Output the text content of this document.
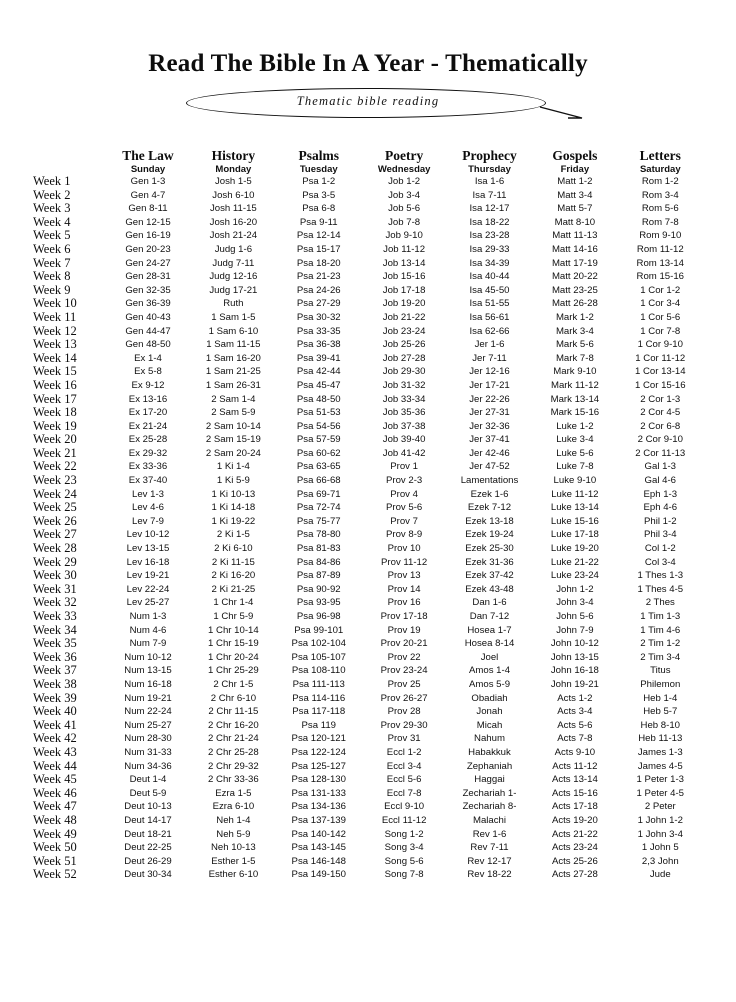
Read The Bible In A Year - Thematically
Thematic bible reading
	The Law	History	Psalms	Poetry	Prophecy	Gospels	Letters
	Sunday	Monday	Tuesday	Wednesday	Thursday	Friday	Saturday
Week 1	Gen 1-3	Josh 1-5	Psa 1-2	Job 1-2	Isa 1-6	Matt 1-2	Rom 1-2
Week 2	Gen 4-7	Josh 6-10	Psa 3-5	Job 3-4	Isa 7-11	Matt 3-4	Rom 3-4
Week 3	Gen 8-11	Josh 11-15	Psa 6-8	Job 5-6	Isa 12-17	Matt 5-7	Rom 5-6
Week 4	Gen 12-15	Josh 16-20	Psa 9-11	Job 7-8	Isa 18-22	Matt 8-10	Rom 7-8
Week 5	Gen 16-19	Josh 21-24	Psa 12-14	Job 9-10	Isa 23-28	Matt 11-13	Rom 9-10
Week 6	Gen 20-23	Judg 1-6	Psa 15-17	Job 11-12	Isa 29-33	Matt 14-16	Rom 11-12
Week 7	Gen 24-27	Judg 7-11	Psa 18-20	Job 13-14	Isa 34-39	Matt 17-19	Rom 13-14
Week 8	Gen 28-31	Judg 12-16	Psa 21-23	Job 15-16	Isa 40-44	Matt 20-22	Rom 15-16
Week 9	Gen 32-35	Judg 17-21	Psa 24-26	Job 17-18	Isa 45-50	Matt 23-25	1 Cor 1-2
Week 10	Gen 36-39	Ruth	Psa 27-29	Job 19-20	Isa 51-55	Matt 26-28	1 Cor 3-4
Week 11	Gen 40-43	1 Sam 1-5	Psa 30-32	Job 21-22	Isa 56-61	Mark 1-2	1 Cor 5-6
Week 12	Gen 44-47	1 Sam 6-10	Psa 33-35	Job 23-24	Isa 62-66	Mark 3-4	1 Cor 7-8
Week 13	Gen 48-50	1 Sam 11-15	Psa 36-38	Job 25-26	Jer 1-6	Mark 5-6	1 Cor 9-10
Week 14	Ex 1-4	1 Sam 16-20	Psa 39-41	Job 27-28	Jer 7-11	Mark 7-8	1 Cor 11-12
Week 15	Ex 5-8	1 Sam 21-25	Psa 42-44	Job 29-30	Jer 12-16	Mark 9-10	1 Cor 13-14
Week 16	Ex 9-12	1 Sam 26-31	Psa 45-47	Job 31-32	Jer 17-21	Mark 11-12	1 Cor 15-16
Week 17	Ex 13-16	2 Sam 1-4	Psa 48-50	Job 33-34	Jer 22-26	Mark 13-14	2 Cor 1-3
Week 18	Ex 17-20	2 Sam 5-9	Psa 51-53	Job 35-36	Jer 27-31	Mark 15-16	2 Cor 4-5
Week 19	Ex 21-24	2 Sam 10-14	Psa 54-56	Job 37-38	Jer 32-36	Luke 1-2	2 Cor 6-8
Week 20	Ex 25-28	2 Sam 15-19	Psa 57-59	Job 39-40	Jer 37-41	Luke 3-4	2 Cor 9-10
Week 21	Ex 29-32	2 Sam 20-24	Psa 60-62	Job 41-42	Jer 42-46	Luke 5-6	2 Cor 11-13
Week 22	Ex 33-36	1 Ki 1-4	Psa 63-65	Prov 1	Jer 47-52	Luke 7-8	Gal 1-3
Week 23	Ex 37-40	1 Ki 5-9	Psa 66-68	Prov 2-3	Lamentations	Luke 9-10	Gal 4-6
Week 24	Lev 1-3	1 Ki 10-13	Psa 69-71	Prov 4	Ezek 1-6	Luke 11-12	Eph 1-3
Week 25	Lev 4-6	1 Ki 14-18	Psa 72-74	Prov 5-6	Ezek 7-12	Luke 13-14	Eph 4-6
Week 26	Lev 7-9	1 Ki 19-22	Psa 75-77	Prov 7	Ezek 13-18	Luke 15-16	Phil 1-2
Week 27	Lev 10-12	2 Ki 1-5	Psa 78-80	Prov 8-9	Ezek 19-24	Luke 17-18	Phil 3-4
Week 28	Lev 13-15	2 Ki 6-10	Psa 81-83	Prov 10	Ezek 25-30	Luke 19-20	Col 1-2
Week 29	Lev 16-18	2 Ki 11-15	Psa 84-86	Prov 11-12	Ezek 31-36	Luke 21-22	Col 3-4
Week 30	Lev 19-21	2 Ki 16-20	Psa 87-89	Prov 13	Ezek 37-42	Luke 23-24	1 Thes 1-3
Week 31	Lev 22-24	2 Ki 21-25	Psa 90-92	Prov 14	Ezek 43-48	John 1-2	1 Thes 4-5
Week 32	Lev 25-27	1 Chr 1-4	Psa 93-95	Prov 16	Dan 1-6	John 3-4	2 Thes
Week 33	Num 1-3	1 Chr 5-9	Psa 96-98	Prov 17-18	Dan 7-12	John 5-6	1 Tim 1-3
Week 34	Num 4-6	1 Chr 10-14	Psa 99-101	Prov 19	Hosea 1-7	John 7-9	1 Tim 4-6
Week 35	Num 7-9	1 Chr 15-19	Psa 102-104	Prov 20-21	Hosea 8-14	John 10-12	2 Tim 1-2
Week 36	Num 10-12	1 Chr 20-24	Psa 105-107	Prov 22	Joel	John 13-15	2 Tim 3-4
Week 37	Num 13-15	1 Chr 25-29	Psa 108-110	Prov 23-24	Amos 1-4	John 16-18	Titus
Week 38	Num 16-18	2 Chr 1-5	Psa 111-113	Prov 25	Amos 5-9	John 19-21	Philemon
Week 39	Num 19-21	2 Chr 6-10	Psa 114-116	Prov 26-27	Obadiah	Acts 1-2	Heb 1-4
Week 40	Num 22-24	2 Chr 11-15	Psa 117-118	Prov 28	Jonah	Acts 3-4	Heb 5-7
Week 41	Num 25-27	2 Chr 16-20	Psa 119	Prov 29-30	Micah	Acts 5-6	Heb 8-10
Week 42	Num 28-30	2 Chr 21-24	Psa 120-121	Prov 31	Nahum	Acts 7-8	Heb 11-13
Week 43	Num 31-33	2 Chr 25-28	Psa 122-124	Eccl 1-2	Habakkuk	Acts 9-10	James 1-3
Week 44	Num 34-36	2 Chr 29-32	Psa 125-127	Eccl 3-4	Zephaniah	Acts 11-12	James 4-5
Week 45	Deut 1-4	2 Chr 33-36	Psa 128-130	Eccl 5-6	Haggai	Acts 13-14	1 Peter 1-3
Week 46	Deut 5-9	Ezra 1-5	Psa 131-133	Eccl 7-8	Zechariah 1-	Acts 15-16	1 Peter 4-5
Week 47	Deut 10-13	Ezra 6-10	Psa 134-136	Eccl 9-10	Zechariah 8-	Acts 17-18	2 Peter
Week 48	Deut 14-17	Neh 1-4	Psa 137-139	Eccl 11-12	Malachi	Acts 19-20	1 John 1-2
Week 49	Deut 18-21	Neh 5-9	Psa 140-142	Song 1-2	Rev 1-6	Acts 21-22	1 John 3-4
Week 50	Deut 22-25	Neh 10-13	Psa 143-145	Song 3-4	Rev 7-11	Acts 23-24	1 John 5
Week 51	Deut 26-29	Esther 1-5	Psa 146-148	Song 5-6	Rev 12-17	Acts 25-26	2,3 John
Week 52	Deut 30-34	Esther 6-10	Psa 149-150	Song 7-8	Rev 18-22	Acts 27-28	Jude
